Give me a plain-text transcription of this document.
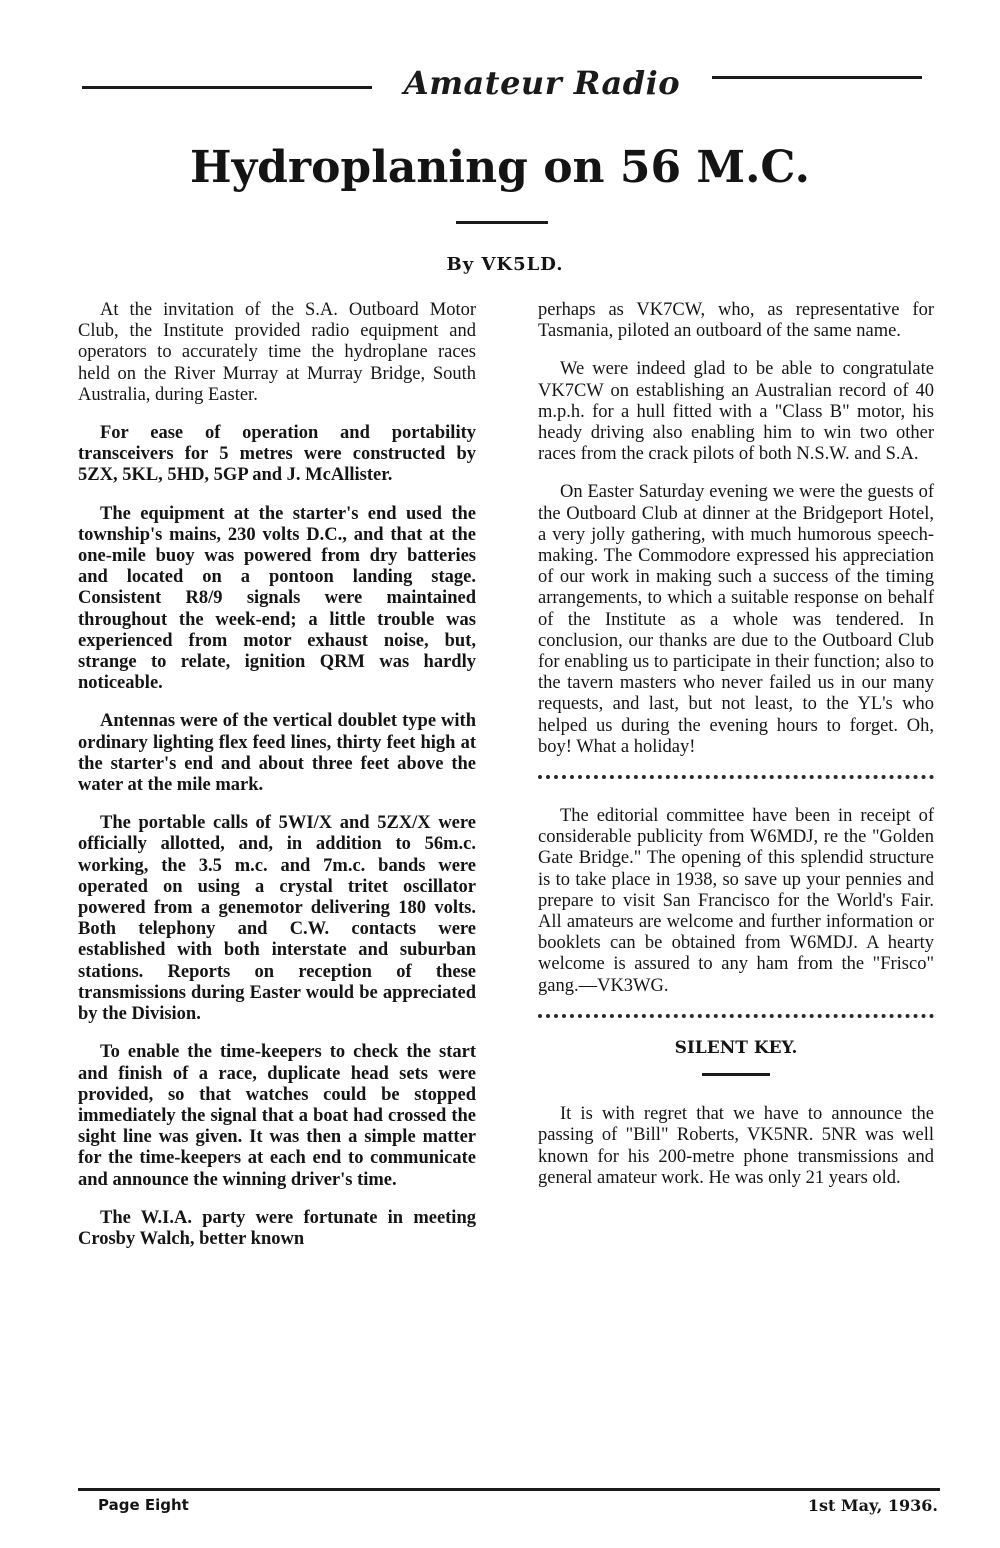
Amateur Radio
Hydroplaning on 56 M.C.
By VK5LD.

At the invitation of the S.A. Outboard Motor Club, the Institute provided radio equipment and operators to accurately time the hydroplane races held on the River Murray at Murray Bridge, South Australia, during Easter.

For ease of operation and portability transceivers for 5 metres were constructed by 5ZX, 5KL, 5HD, 5GP and J. McAllister.

The equipment at the starter's end used the township's mains, 230 volts D.C., and that at the one-mile buoy was powered from dry batteries and located on a pontoon landing stage. Consistent R8/9 signals were maintained throughout the week-end; a little trouble was experienced from motor exhaust noise, but, strange to relate, ignition QRM was hardly noticeable.

Antennas were of the vertical doublet type with ordinary lighting flex feed lines, thirty feet high at the starter's end and about three feet above the water at the mile mark.

The portable calls of 5WI/X and 5ZX/X were officially allotted, and, in addition to 56m.c. working, the 3.5 m.c. and 7m.c. bands were operated on using a crystal tritet oscillator powered from a genemotor delivering 180 volts. Both telephony and C.W. contacts were established with both interstate and suburban stations. Reports on reception of these transmissions during Easter would be appreciated by the Division.

To enable the time-keepers to check the start and finish of a race, duplicate head sets were provided, so that watches could be stopped immediately the signal that a boat had crossed the sight line was given. It was then a simple matter for the time-keepers at each end to communicate and announce the winning driver's time.

The W.I.A. party were fortunate in meeting Crosby Walch, better known

perhaps as VK7CW, who, as representative for Tasmania, piloted an outboard of the same name.

We were indeed glad to be able to congratulate VK7CW on establishing an Australian record of 40 m.p.h. for a hull fitted with a "Class B" motor, his heady driving also enabling him to win two other races from the crack pilots of both N.S.W. and S.A.

On Easter Saturday evening we were the guests of the Outboard Club at dinner at the Bridgeport Hotel, a very jolly gathering, with much humorous speech-making. The Commodore expressed his appreciation of our work in making such a success of the timing arrangements, to which a suitable response on behalf of the Institute as a whole was tendered. In conclusion, our thanks are due to the Outboard Club for enabling us to participate in their function; also to the tavern masters who never failed us in our many requests, and last, but not least, to the YL's who helped us during the evening hours to forget. Oh, boy! What a holiday!

The editorial committee have been in receipt of considerable publicity from W6MDJ, re the "Golden Gate Bridge." The opening of this splendid structure is to take place in 1938, so save up your pennies and prepare to visit San Francisco for the World's Fair. All amateurs are welcome and further information or booklets can be obtained from W6MDJ. A hearty welcome is assured to any ham from the "Frisco" gang.—VK3WG.

SILENT KEY.

It is with regret that we have to announce the passing of "Bill" Roberts, VK5NR. 5NR was well known for his 200-metre phone transmissions and general amateur work. He was only 21 years old.

Page Eight	1st May, 1936.
